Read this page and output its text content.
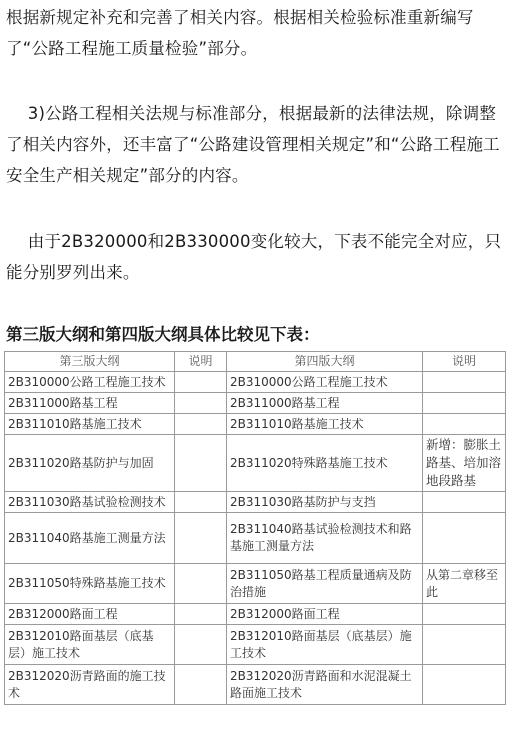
根据新规定补充和完善了相关内容。根据相关检验标准重新编写了“公路工程施工质量检验”部分。

3)公路工程相关法规与标准部分，根据最新的法律法规，除调整了相关内容外，还丰富了“公路建设管理相关规定”和“公路工程施工安全生产相关规定”部分的内容。

由于2B320000和2B330000变化较大，下表不能完全对应，只能分别罗列出来。

第三版大纲和第四版大纲具体比较见下表：

第三版大纲	说明	第四版大纲	说明
2B310000公路工程施工技术		2B310000公路工程施工技术	
2B311000路基工程		2B311000路基工程	
2B311010路基施工技术		2B311010路基施工技术	
2B311020路基防护与加固		2B311020特殊路基施工技术	新增：膨胀土路基、培加溶地段路基
2B311030路基试验检测技术		2B311030路基防护与支挡	
2B311040路基施工测量方法		2B311040路基试验检测技术和路基施工测量方法	
2B311050特殊路基施工技术		2B311050路基工程质量通病及防治措施	从第二章移至此
2B312000路面工程		2B312000路面工程	
2B312010路面基层（底基层）施工技术		2B312010路面基层（底基层）施工技术	
2B312020沥青路面的施工技术		2B312020沥青路面和水泥混凝土路面施工技术	
